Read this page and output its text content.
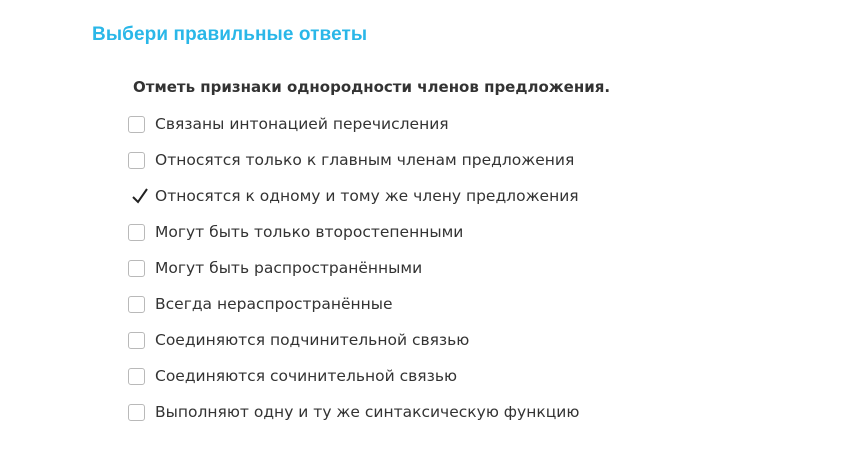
Выбери правильные ответы
Отметь признаки однородности членов предложения.
Связаны интонацией перечисления
Относятся только к главным членам предложения
Относятся к одному и тому же члену предложения
Могут быть только второстепенными
Могут быть распространёнными
Всегда нераспространённые
Соединяются подчинительной связью
Соединяются сочинительной связью
Выполняют одну и ту же синтаксическую функцию
